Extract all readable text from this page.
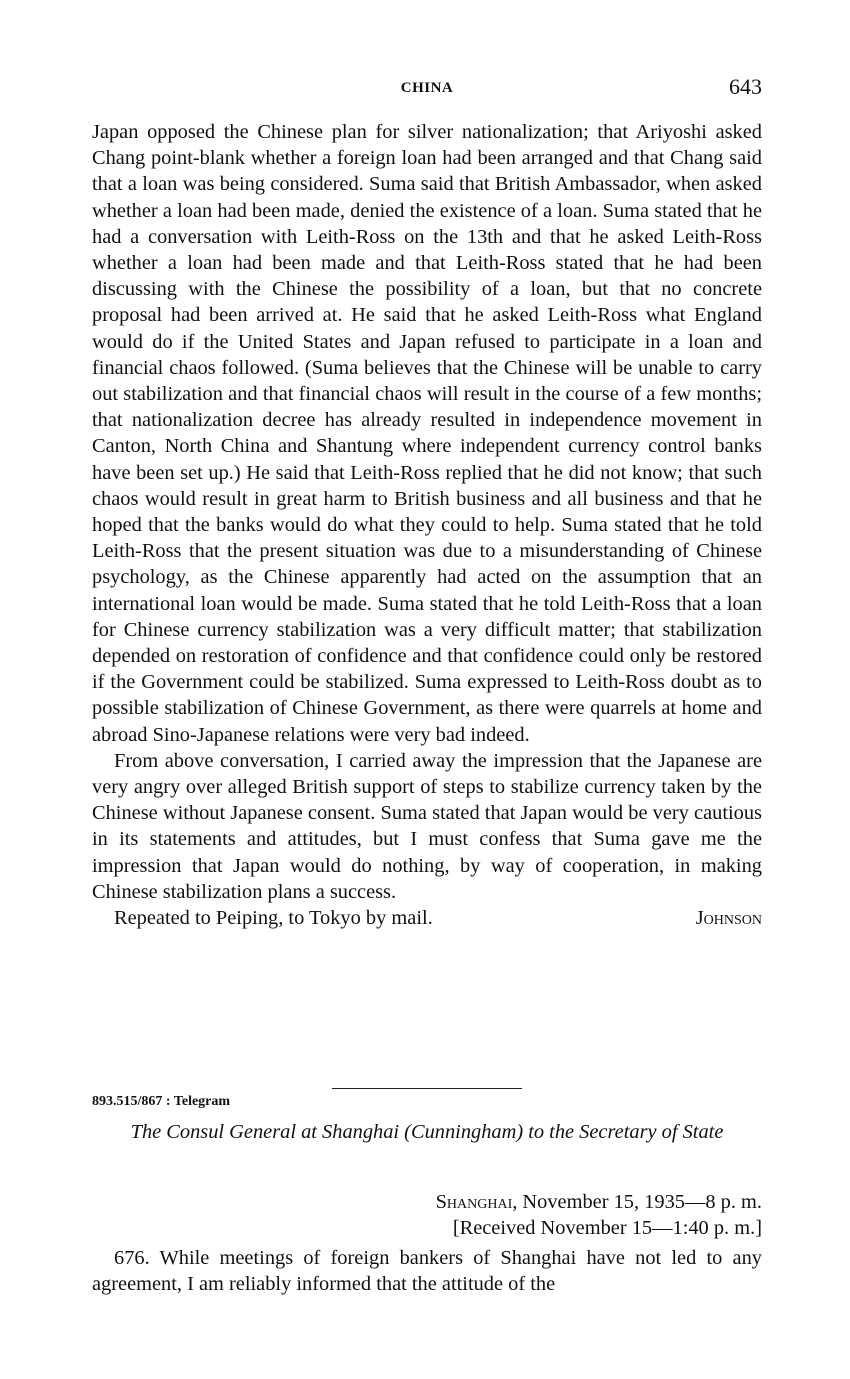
CHINA	643

Japan opposed the Chinese plan for silver nationalization; that Ariyoshi asked Chang point-blank whether a foreign loan had been arranged and that Chang said that a loan was being considered. Suma said that British Ambassador, when asked whether a loan had been made, denied the existence of a loan. Suma stated that he had a conversation with Leith-Ross on the 13th and that he asked Leith-Ross whether a loan had been made and that Leith-Ross stated that he had been discussing with the Chinese the possibility of a loan, but that no concrete proposal had been arrived at. He said that he asked Leith-Ross what England would do if the United States and Japan refused to participate in a loan and financial chaos followed. (Suma believes that the Chinese will be unable to carry out stabilization and that financial chaos will result in the course of a few months; that nationalization decree has already resulted in independence movement in Canton, North China and Shantung where independent currency control banks have been set up.) He said that Leith-Ross replied that he did not know; that such chaos would result in great harm to British business and all business and that he hoped that the banks would do what they could to help. Suma stated that he told Leith-Ross that the present situation was due to a misunderstanding of Chinese psychology, as the Chinese apparently had acted on the assumption that an international loan would be made. Suma stated that he told Leith-Ross that a loan for Chinese currency stabilization was a very difficult matter; that stabilization depended on restoration of confidence and that confidence could only be restored if the Government could be stabilized. Suma expressed to Leith-Ross doubt as to possible stabilization of Chinese Government, as there were quarrels at home and abroad Sino-Japanese relations were very bad indeed.

From above conversation, I carried away the impression that the Japanese are very angry over alleged British support of steps to stabilize currency taken by the Chinese without Japanese consent. Suma stated that Japan would be very cautious in its statements and attitudes, but I must confess that Suma gave me the impression that Japan would do nothing, by way of cooperation, in making Chinese stabilization plans a success.

Repeated to Peiping, to Tokyo by mail.	Johnson

893.515/867 : Telegram
The Consul General at Shanghai (Cunningham) to the Secretary of State
Shanghai, November 15, 1935—8 p. m.
[Received November 15—1:40 p. m.]

676. While meetings of foreign bankers of Shanghai have not led to any agreement, I am reliably informed that the attitude of the
